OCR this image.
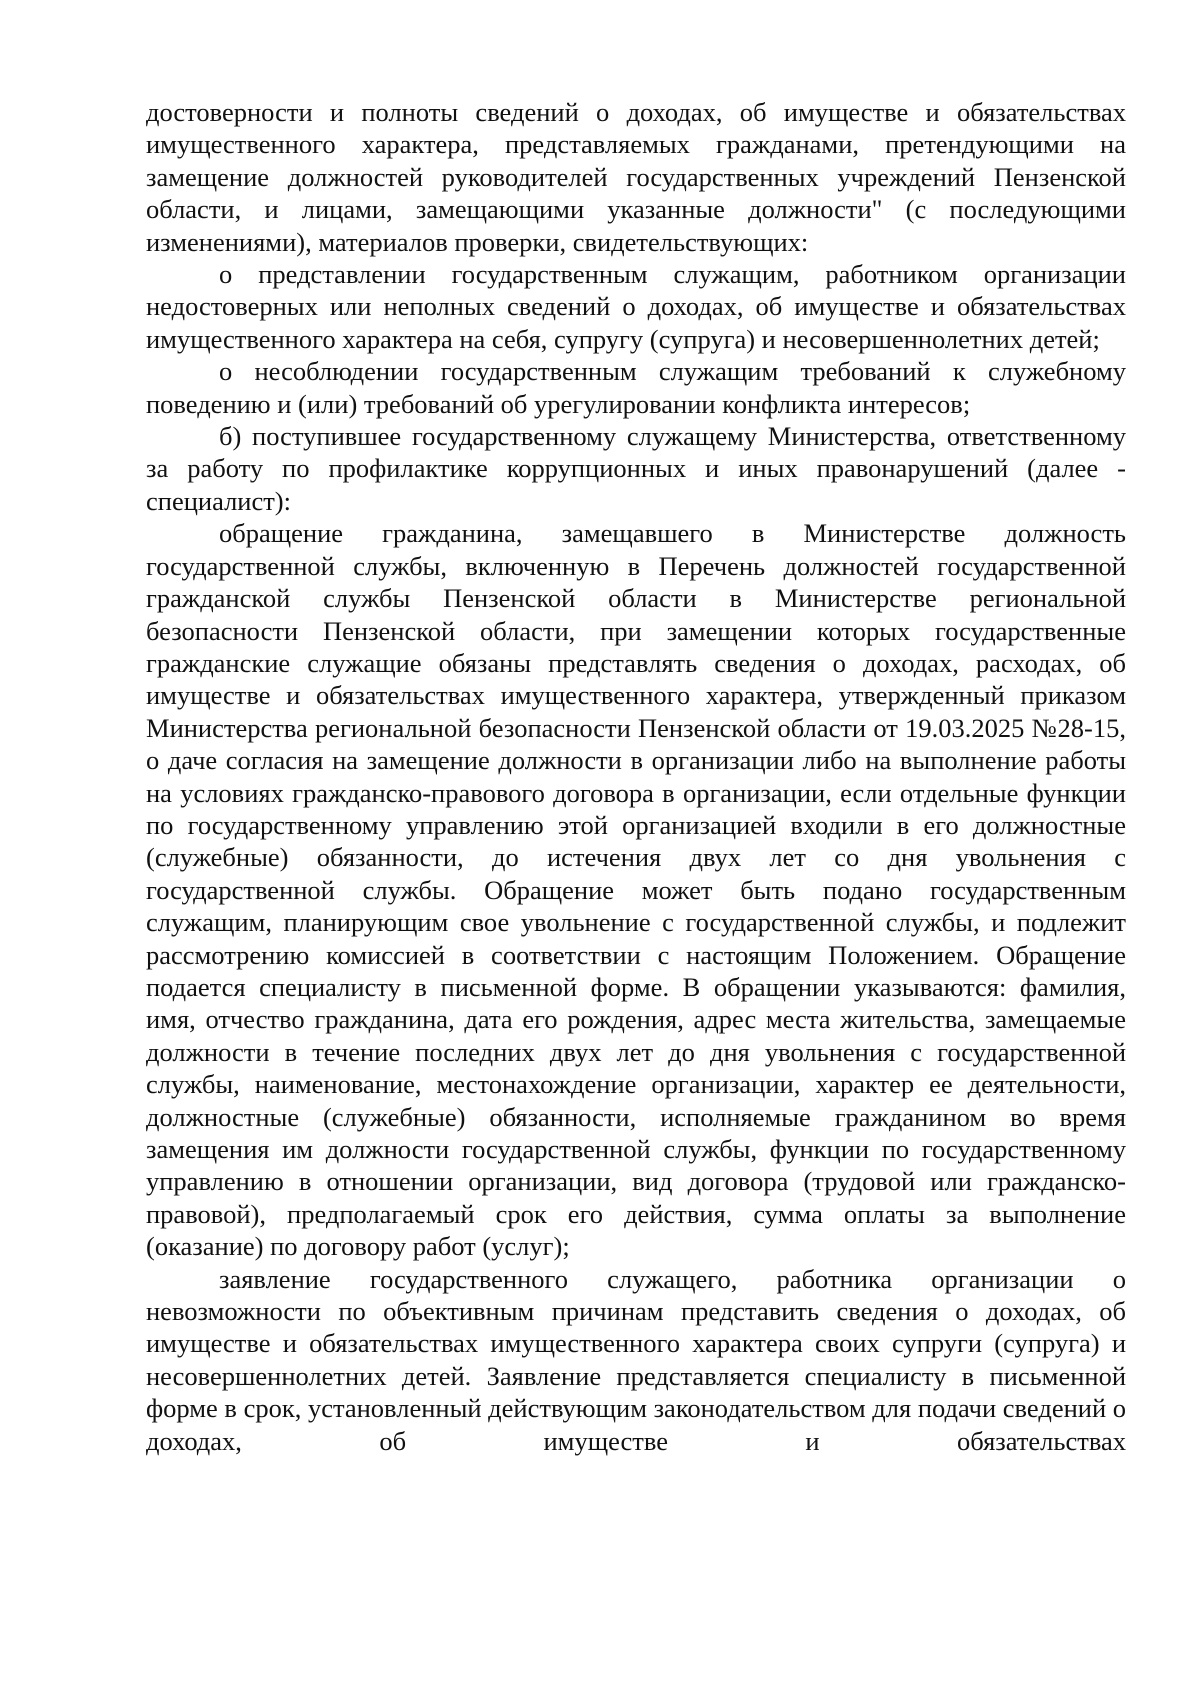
достоверности и полноты сведений о доходах, об имуществе и обязательствах имущественного характера, представляемых гражданами, претендующими на замещение должностей руководителей государственных учреждений Пензенской области, и лицами, замещающими указанные должности" (с последующими изменениями), материалов проверки, свидетельствующих:

о представлении государственным служащим, работником организации недостоверных или неполных сведений о доходах, об имуществе и обязательствах имущественного характера на себя, супругу (супруга) и несовершеннолетних детей;

о несоблюдении государственным служащим требований к служебному поведению и (или) требований об урегулировании конфликта интересов;

б) поступившее государственному служащему Министерства, ответственному за работу по профилактике коррупционных и иных правонарушений (далее - специалист):

обращение гражданина, замещавшего в Министерстве должность государственной службы, включенную в Перечень должностей государственной гражданской службы Пензенской области в Министерстве региональной безопасности Пензенской области, при замещении которых государственные гражданские служащие обязаны представлять сведения о доходах, расходах, об имуществе и обязательствах имущественного характера, утвержденный приказом Министерства региональной безопасности Пензенской области от 19.03.2025 №28-15, о даче согласия на замещение должности в организации либо на выполнение работы на условиях гражданско-правового договора в организации, если отдельные функции по государственному управлению этой организацией входили в его должностные (служебные) обязанности, до истечения двух лет со дня увольнения с государственной службы. Обращение может быть подано государственным служащим, планирующим свое увольнение с государственной службы, и подлежит рассмотрению комиссией в соответствии с настоящим Положением. Обращение подается специалисту в письменной форме. В обращении указываются: фамилия, имя, отчество гражданина, дата его рождения, адрес места жительства, замещаемые должности в течение последних двух лет до дня увольнения с государственной службы, наименование, местонахождение организации, характер ее деятельности, должностные (служебные) обязанности, исполняемые гражданином во время замещения им должности государственной службы, функции по государственному управлению в отношении организации, вид договора (трудовой или гражданско-правовой), предполагаемый срок его действия, сумма оплаты за выполнение (оказание) по договору работ (услуг);

заявление государственного служащего, работника организации о невозможности по объективным причинам представить сведения о доходах, об имуществе и обязательствах имущественного характера своих супруги (супруга) и несовершеннолетних детей. Заявление представляется специалисту в письменной форме в срок, установленный действующим законодательством для подачи сведений о доходах, об имуществе и обязательствах
